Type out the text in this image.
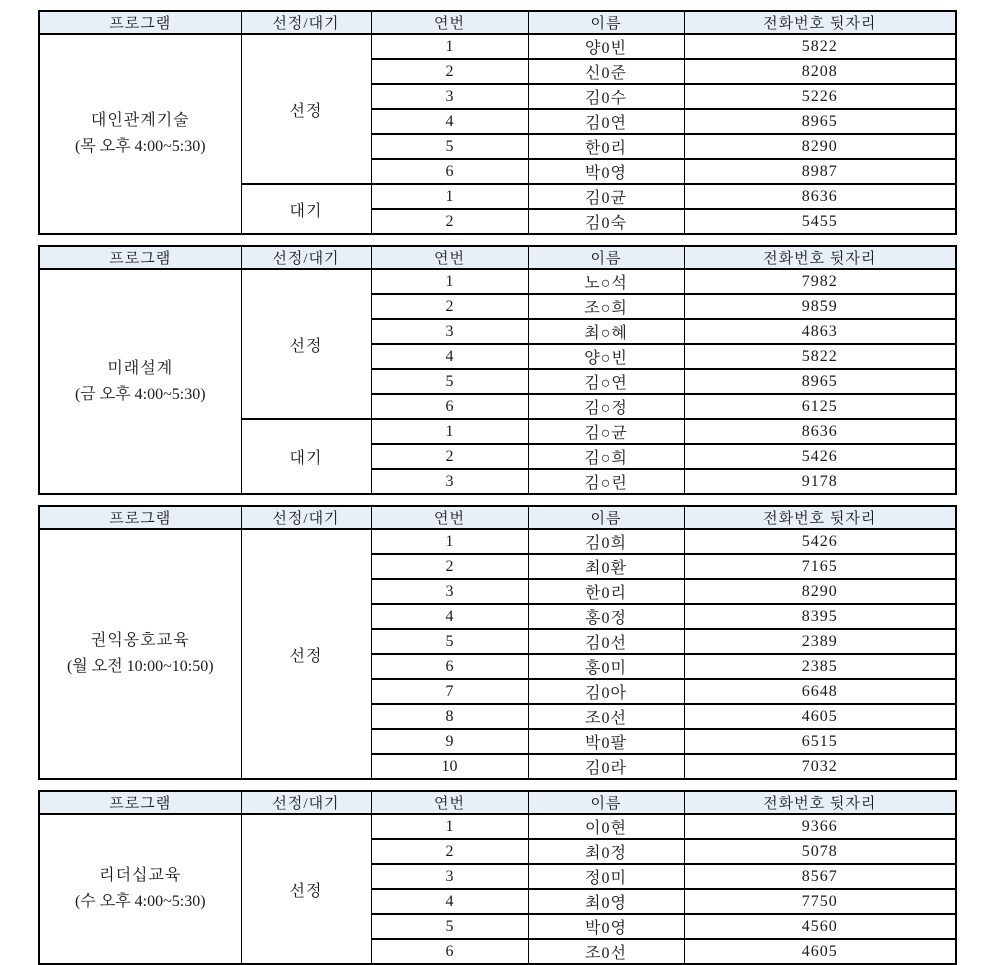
프로그램	선정/대기	연번	이름	전화번호 뒷자리

대인관계기술
(목 오후 4:00~5:30)	선정	1	양0빈	5822
		2	신0준	8208
		3	김0수	5226
		4	김0연	8965
		5	한0리	8290
		6	박0영	8987
	대기	1	김0균	8636
		2	김0숙	5455
프로그램	선정/대기	연번	이름	전화번호 뒷자리

미래설계
(금 오후 4:00~5:30)	선정	1	노○석	7982
		2	조○희	9859
		3	최○혜	4863
		4	양○빈	5822
		5	김○연	8965
		6	김○정	6125
	대기	1	김○균	8636
		2	김○희	5426
		3	김○린	9178
프로그램	선정/대기	연번	이름	전화번호 뒷자리

권익옹호교육
(월 오전 10:00~10:50)	선정	1	김0희	5426
		2	최0환	7165
		3	한0리	8290
		4	홍0정	8395
		5	김0선	2389
		6	홍0미	2385
		7	김0아	6648
		8	조0선	4605
		9	박0팔	6515
		10	김0라	7032
프로그램	선정/대기	연번	이름	전화번호 뒷자리

리더십교육
(수 오후 4:00~5:30)	선정	1	이0현	9366
		2	최0정	5078
		3	정0미	8567
		4	최0영	7750
		5	박0영	4560
		6	조0선	4605
